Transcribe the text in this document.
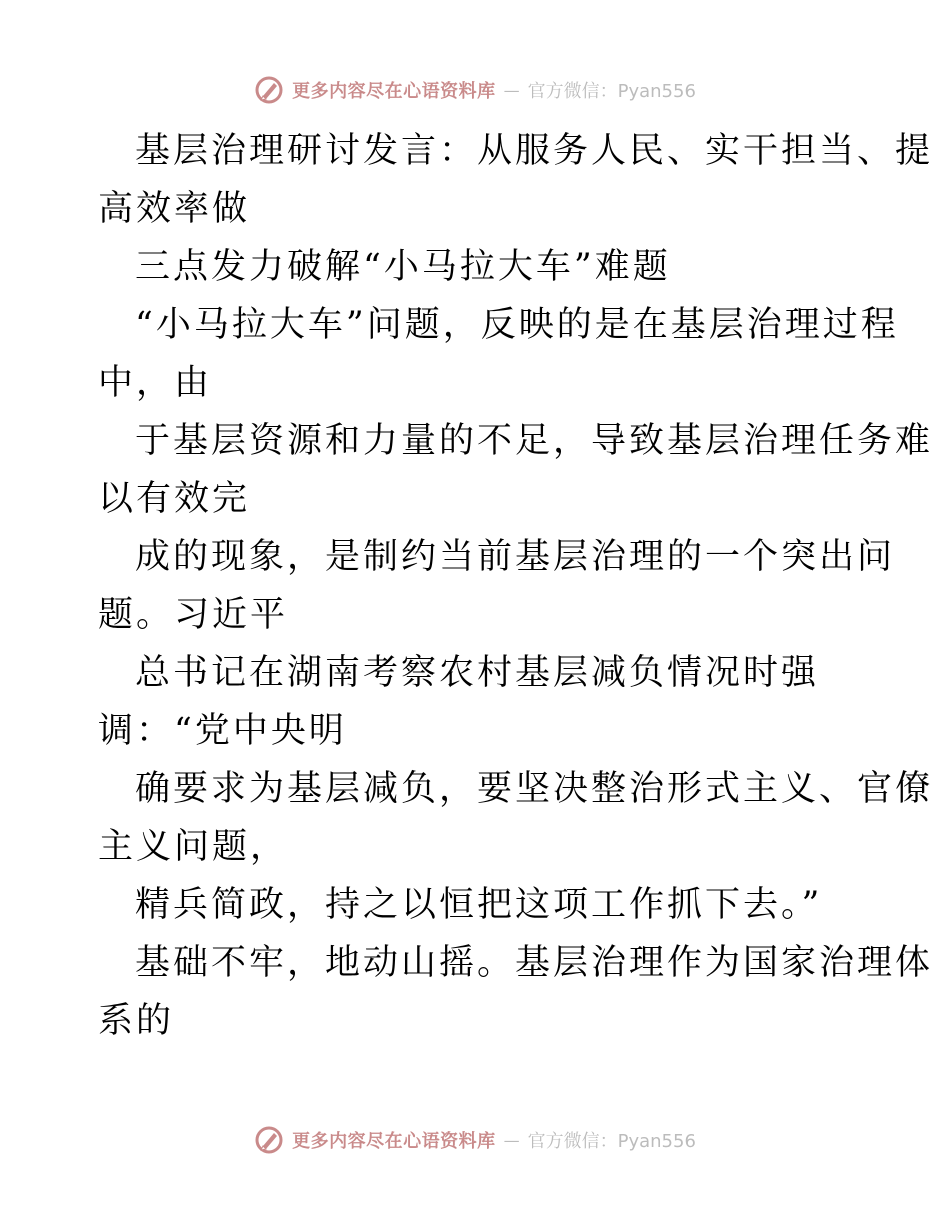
更多内容尽在心语资料库 — 官方微信：Pyan556
基层治理研讨发言：从服务人民、实干担当、提
高效率做
三点发力破解“小马拉大车”难题
“小马拉大车”问题，反映的是在基层治理过程
中，由
于基层资源和力量的不足，导致基层治理任务难
以有效完
成的现象，是制约当前基层治理的一个突出问
题。习近平
总书记在湖南考察农村基层减负情况时强
调：“党中央明
确要求为基层减负，要坚决整治形式主义、官僚
主义问题，
精兵简政，持之以恒把这项工作抓下去。”
基础不牢，地动山摇。基层治理作为国家治理体
系的
更多内容尽在心语资料库 — 官方微信：Pyan556
